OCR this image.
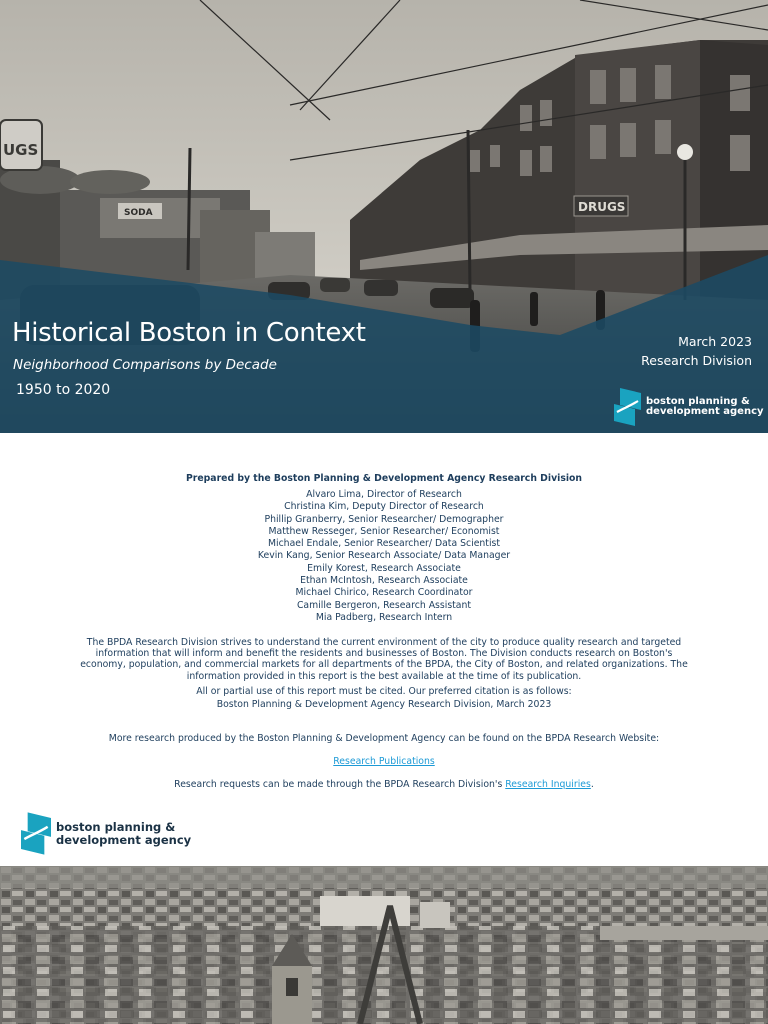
UGS
SODA	DRUGS
Historical Boston in Context
Neighborhood Comparisons by Decade
1950 to 2020
March 2023
Research Division
boston planning &
development agency
Prepared by the Boston Planning & Development Agency Research Division
Alvaro Lima, Director of Research
Christina Kim, Deputy Director of Research
Phillip Granberry, Senior Researcher/ Demographer
Matthew Resseger, Senior Researcher/ Economist
Michael Endale, Senior Researcher/ Data Scientist
Kevin Kang, Senior Research Associate/ Data Manager
Emily Korest, Research Associate
Ethan McIntosh, Research Associate
Michael Chirico, Research Coordinator
Camille Bergeron, Research Assistant
Mia Padberg, Research Intern

The BPDA Research Division strives to understand the current environment of the city to produce quality research and targeted information that will inform and benefit the residents and businesses of Boston. The Division conducts research on Boston's economy, population, and commercial markets for all departments of the BPDA, the City of Boston, and related organizations. The information provided in this report is the best available at the time of its publication.

All or partial use of this report must be cited. Our preferred citation is as follows:
Boston Planning & Development Agency Research Division, March 2023
More research produced by the Boston Planning & Development Agency can be found on the BPDA Research Website:
Research Publications
Research requests can be made through the BPDA Research Division's Research Inquiries.
boston planning &
development agency
